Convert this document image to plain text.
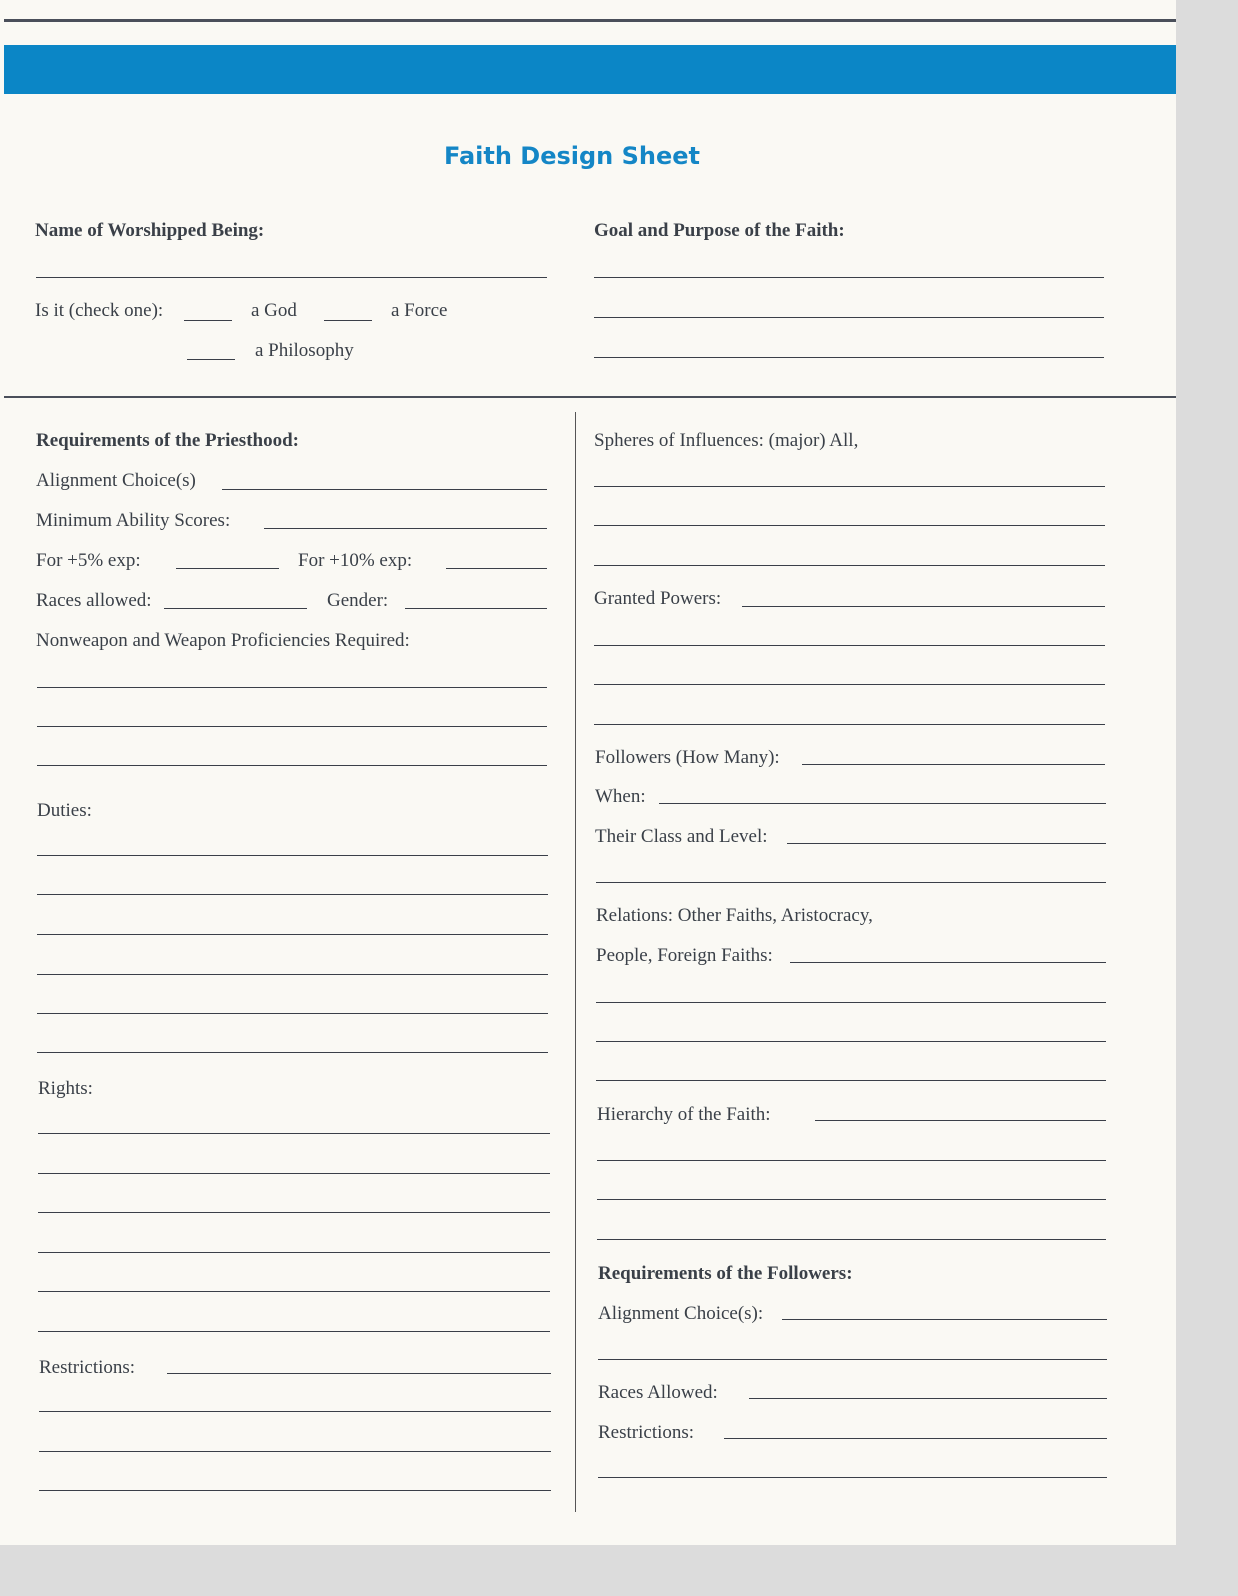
Faith Design Sheet
Name of Worshipped Being:
Is it (check one):	a God	a Force
a Philosophy
Goal and Purpose of the Faith:
Requirements of the Priesthood:
Alignment Choice(s)
Minimum Ability Scores:
For +5% exp:	For +10% exp:
Races allowed:	Gender:
Nonweapon and Weapon Proficiencies Required:
Duties:
Rights:
Restrictions:
Spheres of Influences: (major) All,
Granted Powers:
Followers (How Many):
When:
Their Class and Level:
Relations: Other Faiths, Aristocracy,
People, Foreign Faiths:
Hierarchy of the Faith:
Requirements of the Followers:
Alignment Choice(s):
Races Allowed:
Restrictions:
